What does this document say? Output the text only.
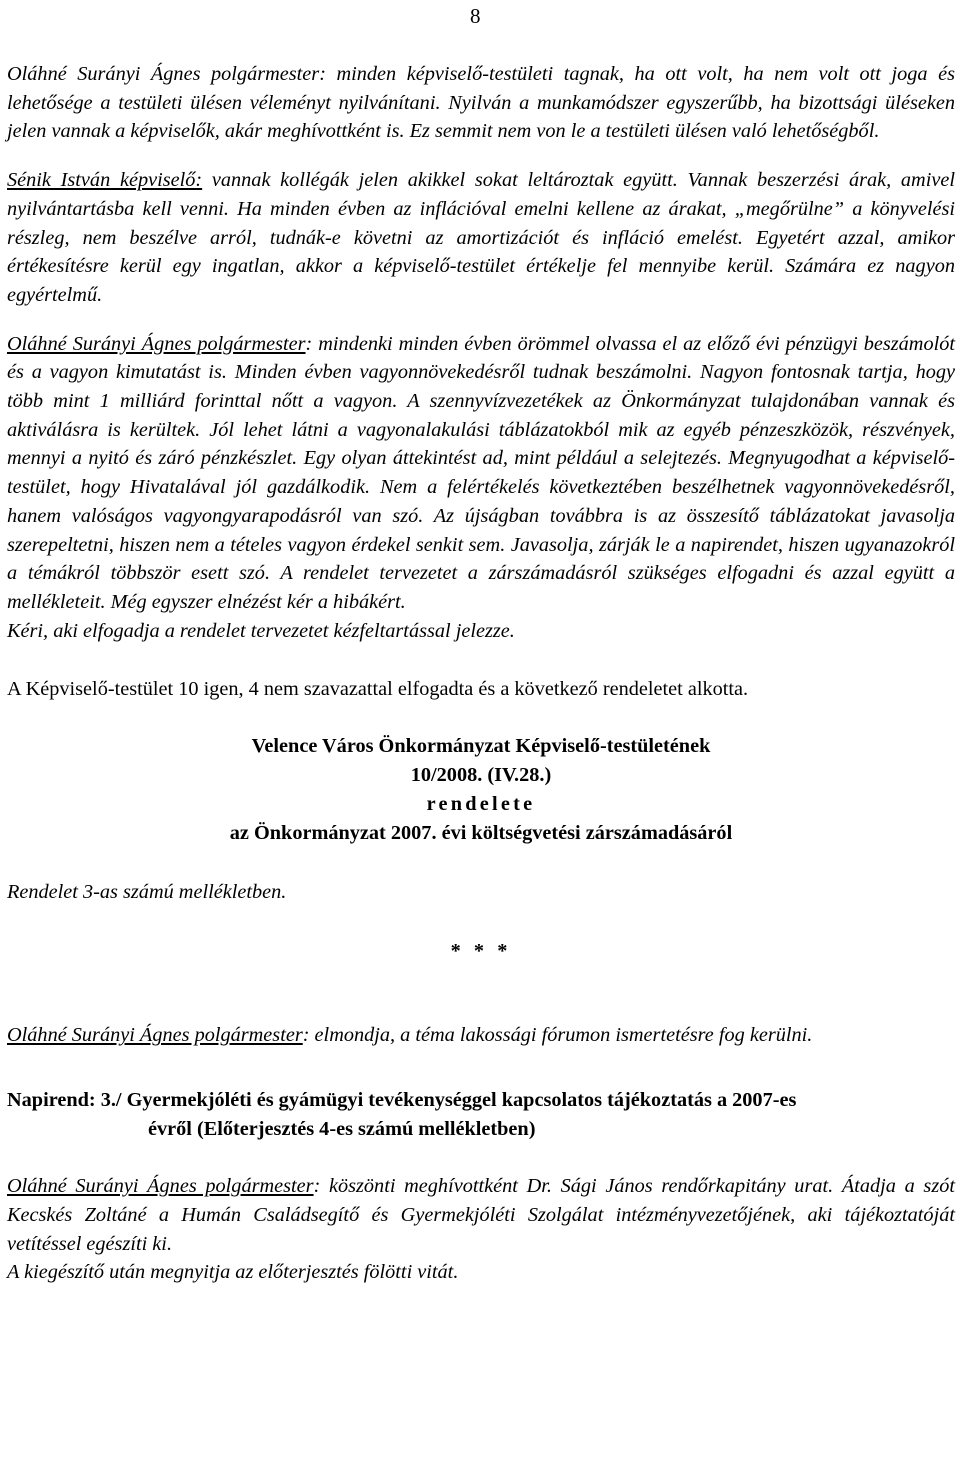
8

Oláhné Surányi Ágnes polgármester: minden képviselő-testületi tagnak, ha ott volt, ha nem volt ott joga és lehetősége a testületi ülésen véleményt nyilvánítani. Nyilván a munkamódszer egyszerűbb, ha bizottsági üléseken jelen vannak a képviselők, akár meghívottként is. Ez semmit nem von le a testületi ülésen való lehetőségből.

Sénik István képviselő: vannak kollégák jelen akikkel sokat leltároztak együtt. Vannak beszerzési árak, amivel nyilvántartásba kell venni. Ha minden évben az inflációval emelni kellene az árakat, „megőrülne” a könyvelési részleg, nem beszélve arról, tudnák-e követni az amortizációt és infláció emelést. Egyetért azzal, amikor értékesítésre kerül egy ingatlan, akkor a képviselő-testület értékelje fel mennyibe kerül. Számára ez nagyon egyértelmű.

Oláhné Surányi Ágnes polgármester: mindenki minden évben örömmel olvassa el az előző évi pénzügyi beszámolót és a vagyon kimutatást is. Minden évben vagyonnövekedésről tudnak beszámolni. Nagyon fontosnak tartja, hogy több mint 1 milliárd forinttal nőtt a vagyon. A szennyvízvezetékek az Önkormányzat tulajdonában vannak és aktiválásra is kerültek. Jól lehet látni a vagyonalakulási táblázatokból mik az egyéb pénzeszközök, részvények, mennyi a nyitó és záró pénzkészlet. Egy olyan áttekintést ad, mint például a selejtezés. Megnyugodhat a képviselő-testület, hogy Hivatalával jól gazdálkodik. Nem a felértékelés következtében beszélhetnek vagyonnövekedésről, hanem valóságos vagyongyarapodásról van szó. Az újságban továbbra is az összesítő táblázatokat javasolja szerepeltetni, hiszen nem a tételes vagyon érdekel senkit sem. Javasolja, zárják le a napirendet, hiszen ugyanazokról a témákról többször esett szó. A rendelet tervezetet a zárszámadásról szükséges elfogadni és azzal együtt a mellékleteit. Még egyszer elnézést kér a hibákért.

Kéri, aki elfogadja a rendelet tervezetet kézfeltartással jelezze.

A Képviselő-testület 10 igen, 4 nem szavazattal elfogadta és a következő rendeletet alkotta.

Velence Város Önkormányzat Képviselő-testületének
10/2008. (IV.28.)
rendelete
az Önkormányzat 2007. évi költségvetési zárszámadásáról

Rendelet 3-as számú mellékletben.

* * *

Oláhné Surányi Ágnes polgármester: elmondja, a téma lakossági fórumon ismertetésre fog kerülni.

Napirend: 3./ Gyermekjóléti és gyámügyi tevékenységgel kapcsolatos tájékoztatás a 2007-es
évről (Előterjesztés 4-es számú mellékletben)

Oláhné Surányi Ágnes polgármester: köszönti meghívottként Dr. Sági János rendőrkapitány urat. Átadja a szót Kecskés Zoltáné a Humán Családsegítő és Gyermekjóléti Szolgálat intézményvezetőjének, aki tájékoztatóját vetítéssel egészíti ki.

A kiegészítő után megnyitja az előterjesztés fölötti vitát.
